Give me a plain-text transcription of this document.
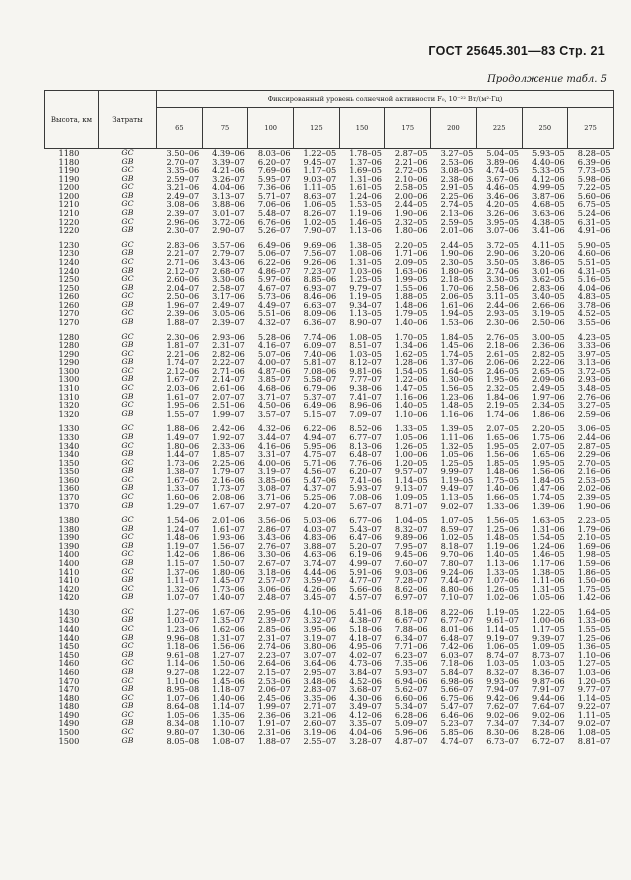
ГОСТ 25645.301—83 Стр. 21
Продолжение табл. 5
Высота, км	Затраты	Фиксированный уровень солнечной активности F₀, 10⁻²² Вт/(м²·Гц)									
		65	75	100	125	150	175	200	225	250	275
1180	GC	3.50–06	4.39–06	8.03–06	1.22–05	1.78–05	2.87–05	3.27–05	5.04–05	5.93–05	8.28–05
1180	GB	2.70–07	3.39–07	6.20–07	9.45–07	1.37–06	2.21–06	2.53–06	3.89–06	4.40–06	6.39–06
1190	GC	3.35–06	4.21–06	7.69–06	1.17–05	1.69–05	2.72–05	3.08–05	4.74–05	5.33–05	7.73–05
1190	GB	2.59–07	3.26–07	5.95–07	9.03–07	1.31–06	2.10–06	2.38–06	3.67–06	4.12–06	5.98–06
1200	GC	3.21–06	4.04–06	7.36–06	1.11–05	1.61–05	2.58–05	2.91–05	4.46–05	4.99–05	7.22–05
1200	GB	2.49–07	3.13–07	5.71–07	8.63–07	1.24–06	2.00–06	2.25–06	3.46–06	3.87–06	5.60–06
1210	GC	3.08–06	3.88–06	7.06–06	1.06–05	1.53–05	2.44–05	2.74–05	4.20–05	4.68–05	6.75–05
1210	GB	2.39–07	3.01–07	5.48–07	8.26–07	1.19–06	1.90–06	2.13–06	3.26–06	3.63–06	5.24–06
1220	GC	2.96–06	3.72–06	6.76–06	1.02–05	1.46–05	2.32–05	2.59–05	3.95–05	4.38–05	6.31–05
1220	GB	2.30–07	2.90–07	5.26–07	7.90–07	1.13–06	1.80–06	2.01–06	3.07–06	3.41–06	4.91–06

1230	GC	2.83–06	3.57–06	6.49–06	9.69–06	1.38–05	2.20–05	2.44–05	3.72–05	4.11–05	5.90–05
1230	GB	2.21–07	2.79–07	5.06–07	7.56–07	1.08–06	1.71–06	1.90–06	2.90–06	3.20–06	4.60–06
1240	GC	2.71–06	3.43–06	6.22–06	9.26–06	1.31–05	2.09–05	2.30–05	3.50–05	3.86–05	5.51–05
1240	GB	2.12–07	2.68–07	4.86–07	7.23–07	1.03–06	1.63–06	1.80–06	2.74–06	3.01–06	4.31–05
1250	GC	2.60–06	3.30–06	5.97–06	8.85–06	1.25–05	1.99–05	2.18–05	3.30–05	3.62–05	5.16–05
1250	GB	2.04–07	2.58–07	4.67–07	6.93–07	9.79–07	1.55–06	1.70–06	2.58–06	2.83–06	4.04–06
1260	GC	2.50–06	3.17–06	5.73–06	8.46–06	1.19–05	1.88–05	2.06–05	3.11–05	3.40–05	4.83–05
1260	GB	1.96–07	2.49–07	4.49–07	6.63–07	9.34–07	1.48–06	1.61–06	2.44–06	2.66–06	3.78–06
1270	GC	2.39–06	3.05–06	5.51–06	8.09–06	1.13–05	1.79–05	1.94–05	2.93–05	3.19–05	4.52–05
1270	GB	1.88–07	2.39–07	4.32–07	6.36–07	8.90–07	1.40–06	1.53–06	2.30–06	2.50–06	3.55–06

1280	GC	2.30–06	2.93–06	5.28–06	7.74–06	1.08–05	1.70–05	1.84–05	2.76–05	3.00–05	4.23–05
1280	GB	1.81–07	2.31–07	4.16–07	6.09–07	8.51–07	1.34–06	1.45–06	2.18–06	2.36–06	3.33–06
1290	GC	2.21–06	2.82–06	5.07–06	7.40–06	1.03–05	1.62–05	1.74–05	2.61–05	2.82–05	3.97–05
1290	GB	1.74–07	2.22–07	4.00–07	5.81–07	8.12–07	1.28–06	1.37–06	2.06–06	2.22–06	3.13–06
1300	GC	2.12–06	2.71–06	4.87–06	7.08–06	9.81–06	1.54–05	1.64–05	2.46–05	2.65–05	3.72–05
1300	GB	1.67–07	2.14–07	3.85–07	5.58–07	7.77–07	1.22–06	1.30–06	1.95–06	2.09–06	2.93–06
1310	GC	2.03–06	2.61–06	4.68–06	6.79–06	9.38–06	1.47–05	1.56–05	2.32–05	2.49–05	3.48–05
1310	GB	1.61–07	2.07–07	3.71–07	5.37–07	7.41–07	1.16–06	1.23–06	1.84–06	1.97–06	2.76–06
1320	GC	1.95–06	2.51–06	4.50–06	6.49–06	8.96–06	1.40–05	1.48–05	2.19–05	2.34–05	3.27–05
1320	GB	1.55–07	1.99–07	3.57–07	5.15–07	7.09–07	1.10–06	1.16–06	1.74–06	1.86–06	2.59–06

1330	GC	1.88–06	2.42–06	4.32–06	6.22–06	8.52–06	1.33–05	1.39–05	2.07–05	2.20–05	3.06–05
1330	GB	1.49–07	1.92–07	3.44–07	4.94–07	6.77–07	1.05–06	1.11–06	1.65–06	1.75–06	2.44–06
1340	GC	1.80–06	2.33–06	4.16–06	5.95–06	8.13–06	1.26–05	1.32–05	1.95–05	2.07–05	2.87–05
1340	GB	1.44–07	1.85–07	3.31–07	4.75–07	6.48–07	1.00–06	1.05–06	1.56–06	1.65–06	2.29–06
1350	GC	1.73–06	2.25–06	4.00–06	5.71–06	7.76–06	1.20–05	1.25–05	1.85–05	1.95–05	2.70–05
1350	GB	1.38–07	1.79–07	3.19–07	4.56–07	6.20–07	9.57–07	9.99–07	1.48–06	1.56–06	2.16–06
1360	GC	1.67–06	2.16–06	3.85–06	5.47–06	7.41–06	1.14–05	1.19–05	1.75–05	1.84–05	2.53–05
1360	GB	1.33–07	1.73–07	3.08–07	4.37–07	5.93–07	9.13–07	9.49–07	1.40–06	1.47–06	2.02–06
1370	GC	1.60–06	2.08–06	3.71–06	5.25–06	7.08–06	1.09–05	1.13–05	1.66–05	1.74–05	2.39–05
1370	GB	1.29–07	1.67–07	2.97–07	4.20–07	5.67–07	8.71–07	9.02–07	1.33–06	1.39–06	1.90–06

1380	GC	1.54–06	2.01–06	3.56–06	5.03–06	6.77–06	1.04–05	1.07–05	1.56–05	1.63–05	2.23–05
1380	GB	1.24–07	1.61–07	2.86–07	4.03–07	5.43–07	8.32–07	8.59–07	1.25–06	1.31–06	1.79–06
1390	GC	1.48–06	1.93–06	3.43–06	4.83–06	6.47–06	9.89–06	1.02–05	1.48–05	1.54–05	2.10–05
1390	GB	1.19–07	1.56–07	2.76–07	3.88–07	5.20–07	7.95–07	8.18–07	1.19–06	1.24–06	1.69–06
1400	GC	1.42–06	1.86–06	3.30–06	4.63–06	6.19–06	9.45–06	9.70–06	1.40–05	1.46–05	1.98–05
1400	GB	1.15–07	1.50–07	2.67–07	3.74–07	4.99–07	7.60–07	7.80–07	1.13–06	1.17–06	1.59–06
1410	GC	1.37–06	1.80–06	3.18–06	4.44–06	5.91–06	9.03–06	9.24–06	1.33–05	1.38–05	1.86–05
1410	GB	1.11–07	1.45–07	2.57–07	3.59–07	4.77–07	7.28–07	7.44–07	1.07–06	1.11–06	1.50–06
1420	GC	1.32–06	1.73–06	3.06–06	4.26–06	5.66–06	8.62–06	8.80–06	1.26–05	1.31–05	1.75–05
1420	GB	1.07–07	1.40–07	2.48–07	3.45–07	4.57–07	6.97–07	7.10–07	1.02–06	1.05–06	1.42–06

1430	GC	1.27–06	1.67–06	2.95–06	4.10–06	5.41–06	8.18–06	8.22–06	1.19–05	1.22–05	1.64–05
1430	GB	1.03–07	1.35–07	2.39–07	3.32–07	4.38–07	6.67–07	6.77–07	9.61–07	1.00–06	1.33–06
1440	GC	1.23–06	1.62–06	2.85–06	3.95–06	5.18–06	7.88–06	8.01–06	1.14–05	1.17–05	1.55–05
1440	GB	9.96–08	1.31–07	2.31–07	3.19–07	4.18–07	6.34–07	6.48–07	9.19–07	9.39–07	1.25–06
1450	GC	1.18–06	1.56–06	2.74–06	3.80–06	4.95–06	7.71–06	7.42–06	1.06–05	1.09–05	1.36–05
1450	GB	9.61–08	1.27–07	2.23–07	3.07–07	4.02–07	6.23–07	6.03–07	8.74–07	8.73–07	1.10–06
1460	GC	1.14–06	1.50–06	2.64–06	3.64–06	4.73–06	7.35–06	7.18–06	1.03–05	1.03–05	1.27–05
1460	GB	9.27–08	1.22–07	2.15–07	2.95–07	3.84–07	5.93–07	5.84–07	8.32–07	8.36–07	1.03–06
1470	GC	1.10–06	1.45–06	2.53–06	3.48–06	4.52–06	6.94–06	6.98–06	9.93–06	9.87–06	1.20–05
1470	GB	8.95–08	1.18–07	2.06–07	2.83–07	3.68–07	5.62–07	5.66–07	7.94–07	7.91–07	9.77–07
1480	GC	1.07–06	1.40–06	2.45–06	3.35–06	4.30–06	6.60–06	6.75–06	9.42–06	9.44–06	1.14–05
1480	GB	8.64–08	1.14–07	1.99–07	2.71–07	3.49–07	5.34–07	5.47–07	7.62–07	7.64–07	9.22–07
1490	GC	1.05–06	1.35–06	2.36–06	3.21–06	4.12–06	6.28–06	6.46–06	9.02–06	9.02–06	1.11–05
1490	GB	8.34–08	1.10–07	1.91–07	2.60–07	3.35–07	5.09–07	5.23–07	7.34–07	7.34–07	9.02–07
1500	GC	9.80–07	1.30–06	2.31–06	3.19–06	4.04–06	5.96–06	5.85–06	8.30–06	8.28–06	1.08–05
1500	GB	8.05–08	1.08–07	1.88–07	2.55–07	3.28–07	4.87–07	4.74–07	6.73–07	6.72–07	8.81–07
